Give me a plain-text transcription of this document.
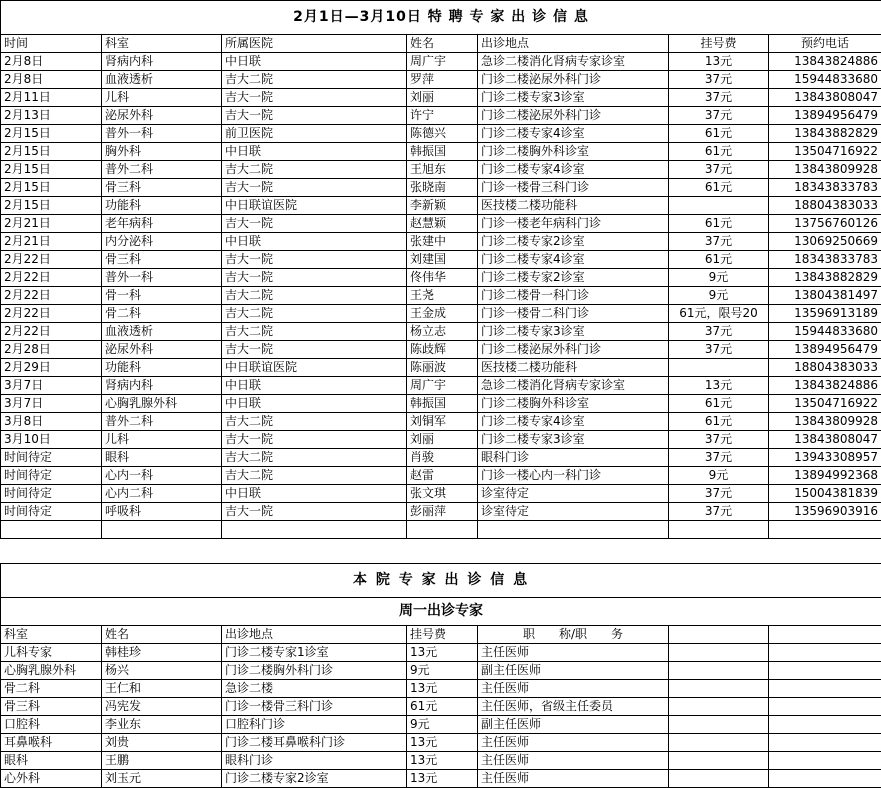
2月1日—3月10日 特 聘 专 家 出 诊 信 息						
时间	科室	所属医院	姓名	出诊地点	挂号费	预约电话
2月8日	肾病内科	中日联	周广宇	急诊二楼消化肾病专家诊室	13元	13843824886
2月8日	血液透析	吉大二院	罗萍	门诊二楼泌尿外科门诊	37元	15944833680
2月11日	儿科	吉大一院	刘丽	门诊二楼专家3诊室	37元	13843808047
2月13日	泌尿外科	吉大一院	许宁	门诊二楼泌尿外科门诊	37元	13894956479
2月15日	普外一科	前卫医院	陈德兴	门诊二楼专家4诊室	61元	13843882829
2月15日	胸外科	中日联	韩振国	门诊二楼胸外科诊室	61元	13504716922
2月15日	普外二科	吉大二院	王旭东	门诊二楼专家4诊室	37元	13843809928
2月15日	骨三科	吉大一院	张晓南	门诊一楼骨三科门诊	61元	18343833783
2月15日	功能科	中日联谊医院	李新颖	医技楼二楼功能科		18804383033
2月21日	老年病科	吉大一院	赵慧颖	门诊一楼老年病科门诊	61元	13756760126
2月21日	内分泌科	中日联	张建中	门诊二楼专家2诊室	37元	13069250669
2月22日	骨三科	吉大一院	刘建国	门诊二楼专家4诊室	61元	18343833783
2月22日	普外一科	吉大一院	佟伟华	门诊二楼专家2诊室	9元	13843882829
2月22日	骨一科	吉大二院	王尧	门诊二楼骨一科门诊	9元	13804381497
2月22日	骨二科	吉大二院	王金成	门诊一楼骨二科门诊	61元，限号20	13596913189
2月22日	血液透析	吉大二院	杨立志	门诊二楼专家3诊室	37元	15944833680
2月28日	泌尿外科	吉大一院	陈歧辉	门诊二楼泌尿外科门诊	37元	13894956479
2月29日	功能科	中日联谊医院	陈丽波	医技楼二楼功能科		18804383033
3月7日	肾病内科	中日联	周广宇	急诊二楼消化肾病专家诊室	13元	13843824886
3月7日	心胸乳腺外科	中日联	韩振国	门诊二楼胸外科诊室	61元	13504716922
3月8日	普外二科	吉大二院	刘铜军	门诊二楼专家4诊室	61元	13843809928
3月10日	儿科	吉大一院	刘丽	门诊二楼专家3诊室	37元	13843808047
时间待定	眼科	吉大二院	肖骏	眼科门诊	37元	13943308957
时间待定	心内一科	吉大二院	赵雷	门诊一楼心内一科门诊	9元	13894992368
时间待定	心内二科	中日联	张文琪	诊室待定	37元	15004381839
时间待定	呼吸科	吉大一院	彭丽萍	诊室待定	37元	13596903916

本 院 专 家 出 诊 信 息						
周一出诊专家						
科室	姓名	出诊地点	挂号费	职　　称/职　　务		
儿科专家	韩桂珍	门诊二楼专家1诊室	13元	主任医师		
心胸乳腺外科	杨兴	门诊二楼胸外科门诊	9元	副主任医师		
骨二科	王仁和	急诊二楼	13元	主任医师		
骨三科	冯宪发	门诊一楼骨三科门诊	61元	主任医师，省级主任委员		
口腔科	李业东	口腔科门诊	9元	副主任医师		
耳鼻喉科	刘贵	门诊二楼耳鼻喉科门诊	13元	主任医师		
眼科	王鹏	眼科门诊	13元	主任医师		
心外科	刘玉元	门诊二楼专家2诊室	13元	主任医师		
